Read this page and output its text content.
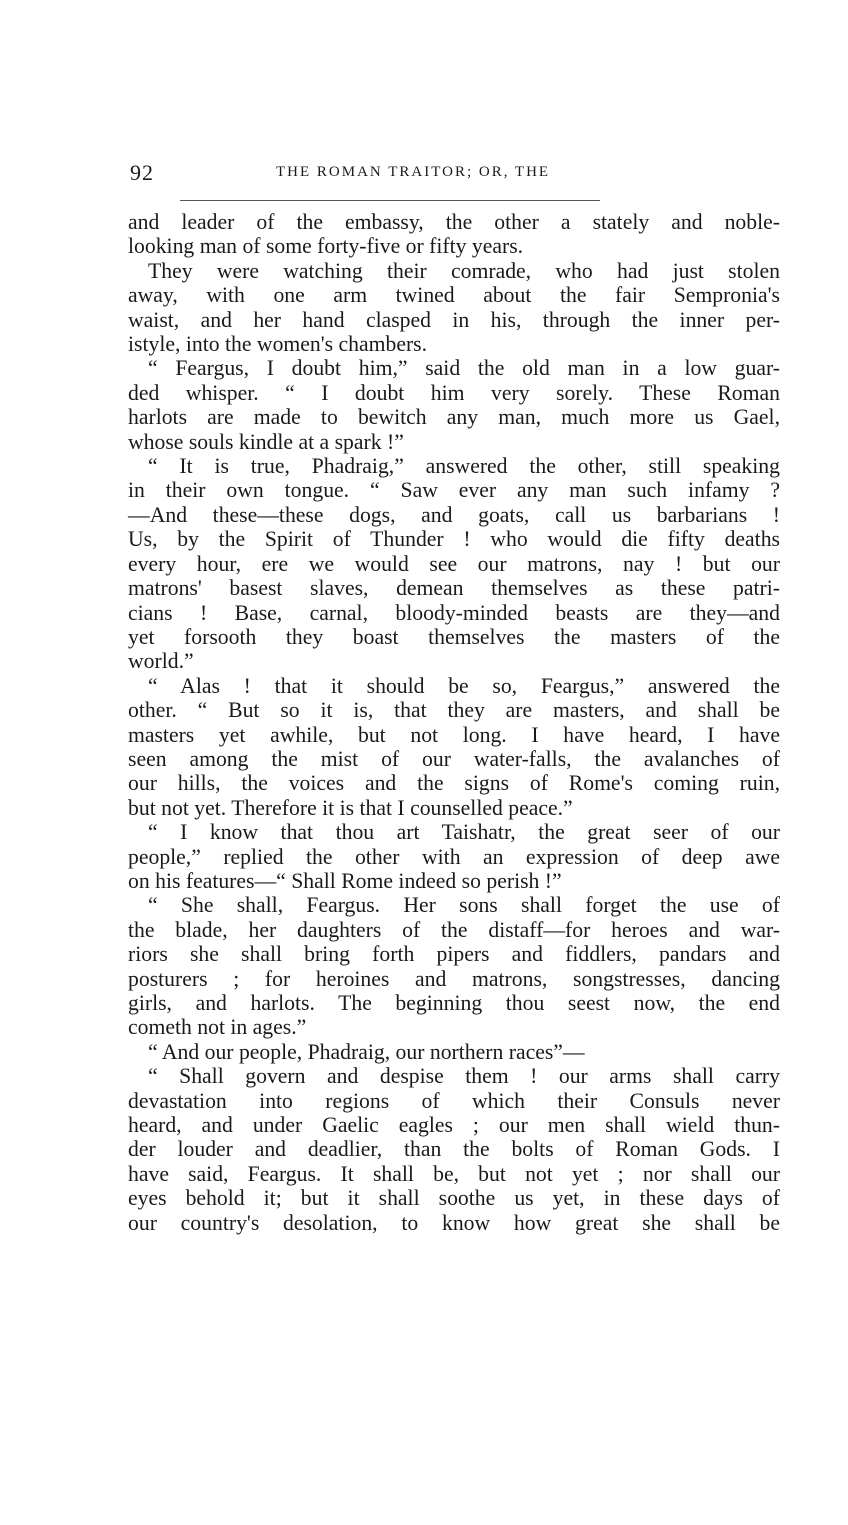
92	THE ROMAN TRAITOR; OR, THE
and leader of the embassy, the other a stately and noble-
looking man of some forty-five or fifty years.
They were watching their comrade, who had just stolen
away, with one arm twined about the fair Sempronia's
waist, and her hand clasped in his, through the inner per-
istyle, into the women's chambers.
“ Feargus, I doubt him,” said the old man in a low guar-
ded whisper. “ I doubt him very sorely. These Roman
harlots are made to bewitch any man, much more us Gael,
whose souls kindle at a spark !”
“ It is true, Phadraig,” answered the other, still speaking
in their own tongue. “ Saw ever any man such infamy ?
—And these—these dogs, and goats, call us barbarians !
Us, by the Spirit of Thunder ! who would die fifty deaths
every hour, ere we would see our matrons, nay ! but our
matrons' basest slaves, demean themselves as these patri-
cians ! Base, carnal, bloody-minded beasts are they—and
yet forsooth they boast themselves the masters of the
world.”
“ Alas ! that it should be so, Feargus,” answered the
other. “ But so it is, that they are masters, and shall be
masters yet awhile, but not long. I have heard, I have
seen among the mist of our water-falls, the avalanches of
our hills, the voices and the signs of Rome's coming ruin,
but not yet. Therefore it is that I counselled peace.”
“ I know that thou art Taishatr, the great seer of our
people,” replied the other with an expression of deep awe
on his features—“ Shall Rome indeed so perish !”
“ She shall, Feargus. Her sons shall forget the use of
the blade, her daughters of the distaff—for heroes and war-
riors she shall bring forth pipers and fiddlers, pandars and
posturers ; for heroines and matrons, songstresses, dancing
girls, and harlots. The beginning thou seest now, the end
cometh not in ages.”
“ And our people, Phadraig, our northern races”—
“ Shall govern and despise them ! our arms shall carry
devastation into regions of which their Consuls never
heard, and under Gaelic eagles ; our men shall wield thun-
der louder and deadlier, than the bolts of Roman Gods. I
have said, Feargus. It shall be, but not yet ; nor shall our
eyes behold it; but it shall soothe us yet, in these days of
our country's desolation, to know how great she shall be
